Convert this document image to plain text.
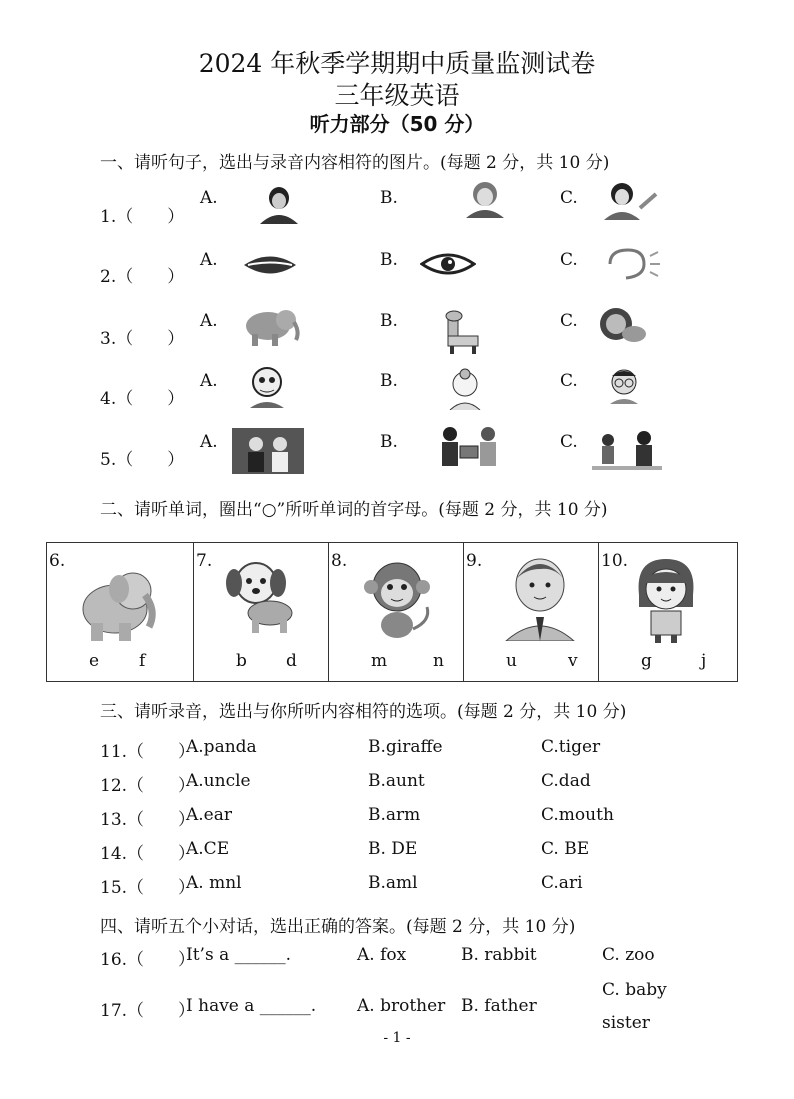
2024 年秋季学期期中质量监测试卷
三年级英语
听力部分（50 分）
一、请听句子，选出与录音内容相符的图片。(每题 2 分，共 10 分)
1.（　　）
A.	B.	C.
2.（　　）
A.	B.	C.
3.（　　）
A.	B.	C.
4.（　　）
A.	B.	C.
5.（　　）
A.	B.	C.
二、请听单词，圈出“○”所听单词的首字母。(每题 2 分，共 10 分)
6.
e f

7.
b d

8.
m	n

9.
u	v

10.
g	j
三、请听录音，选出与你所听内容相符的选项。(每题 2 分，共 10 分)
11.（　　）
A.panda	B.giraffe	C.tiger
12.（　　）
A.uncle	B.aunt	C.dad
13.（　　）
A.ear	B.arm	C.mouth
14.（　　）
A.CE	B. DE	C. BE
15.（　　）
A. mnl	B.aml	C.ari
四、请听五个小对话，选出正确的答案。(每题 2 分，共 10 分)
16.（　　）
It’s a ______.	A. fox	B. rabbit	C. zoo
17.（　　）
I have a ______. A. brother B. father
C. baby
sister
- 1 -
